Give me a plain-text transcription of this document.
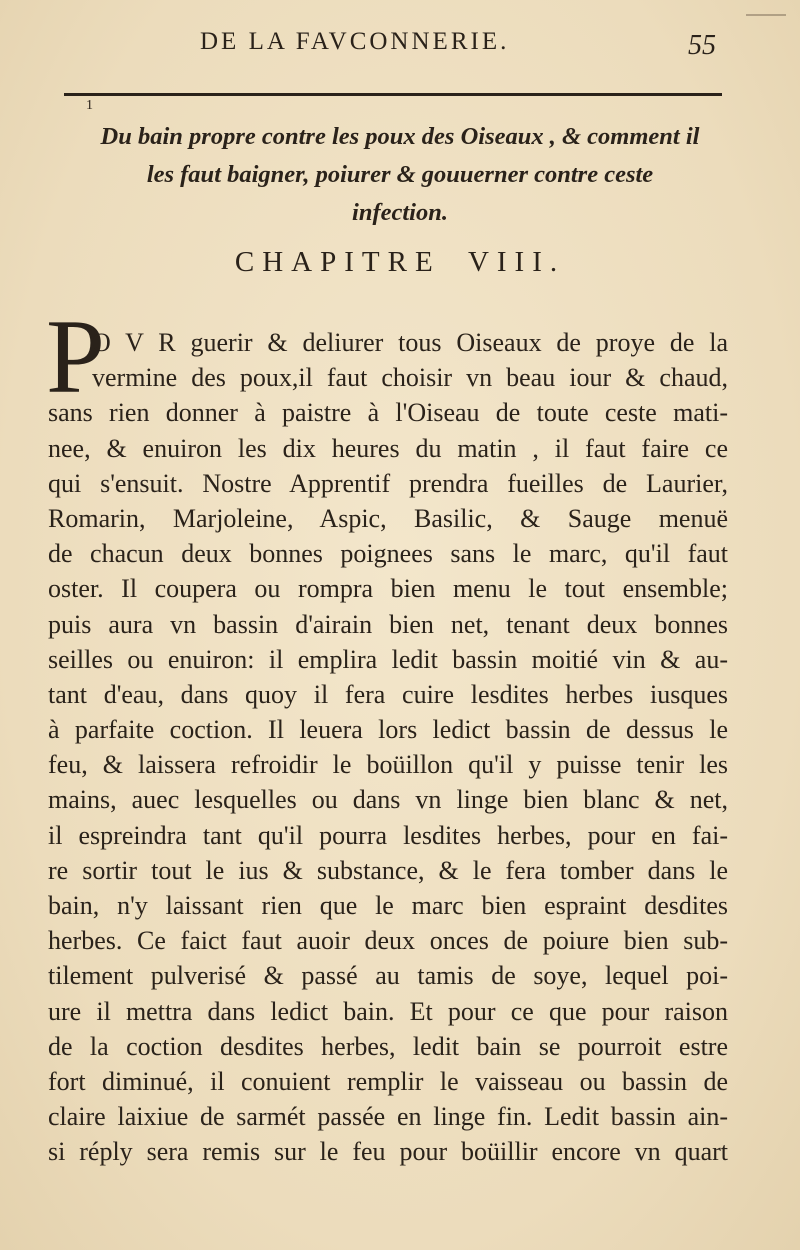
DE LA FAVCONNERIE.	55
1
Du bain propre contre les poux des Oiseaux , & comment il
les faut baigner, poiurer & gouuerner contre ceste
infection.
CHAPITRE VIII.
P
O V R guerir & deliurer tous Oiseaux de proye de la
vermine des poux,il faut choisir vn beau iour & chaud,
sans rien donner à paistre à l'Oiseau de toute ceste mati-
nee, & enuiron les dix heures du matin , il faut faire ce
qui s'ensuit. Nostre Apprentif prendra fueilles de Laurier,
Romarin, Marjoleine, Aspic, Basilic, & Sauge menuë
de chacun deux bonnes poignees sans le marc, qu'il faut
oster. Il coupera ou rompra bien menu le tout ensemble;
puis aura vn bassin d'airain bien net, tenant deux bonnes
seilles ou enuiron: il emplira ledit bassin moitié vin & au-
tant d'eau, dans quoy il fera cuire lesdites herbes iusques
à parfaite coction. Il leuera lors ledict bassin de dessus le
feu, & laissera refroidir le boüillon qu'il y puisse tenir les
mains, auec lesquelles ou dans vn linge bien blanc & net,
il espreindra tant qu'il pourra lesdites herbes, pour en fai-
re sortir tout le ius & substance, & le fera tomber dans le
bain, n'y laissant rien que le marc bien espraint desdites
herbes. Ce faict faut auoir deux onces de poiure bien sub-
tilement pulverisé & passé au tamis de soye, lequel poi-
ure il mettra dans ledict bain. Et pour ce que pour raison
de la coction desdites herbes, ledit bain se pourroit estre
fort diminué, il conuient remplir le vaisseau ou bassin de
claire laixiue de sarmét passée en linge fin. Ledit bassin ain-
si réply sera remis sur le feu pour boüillir encore vn quart
